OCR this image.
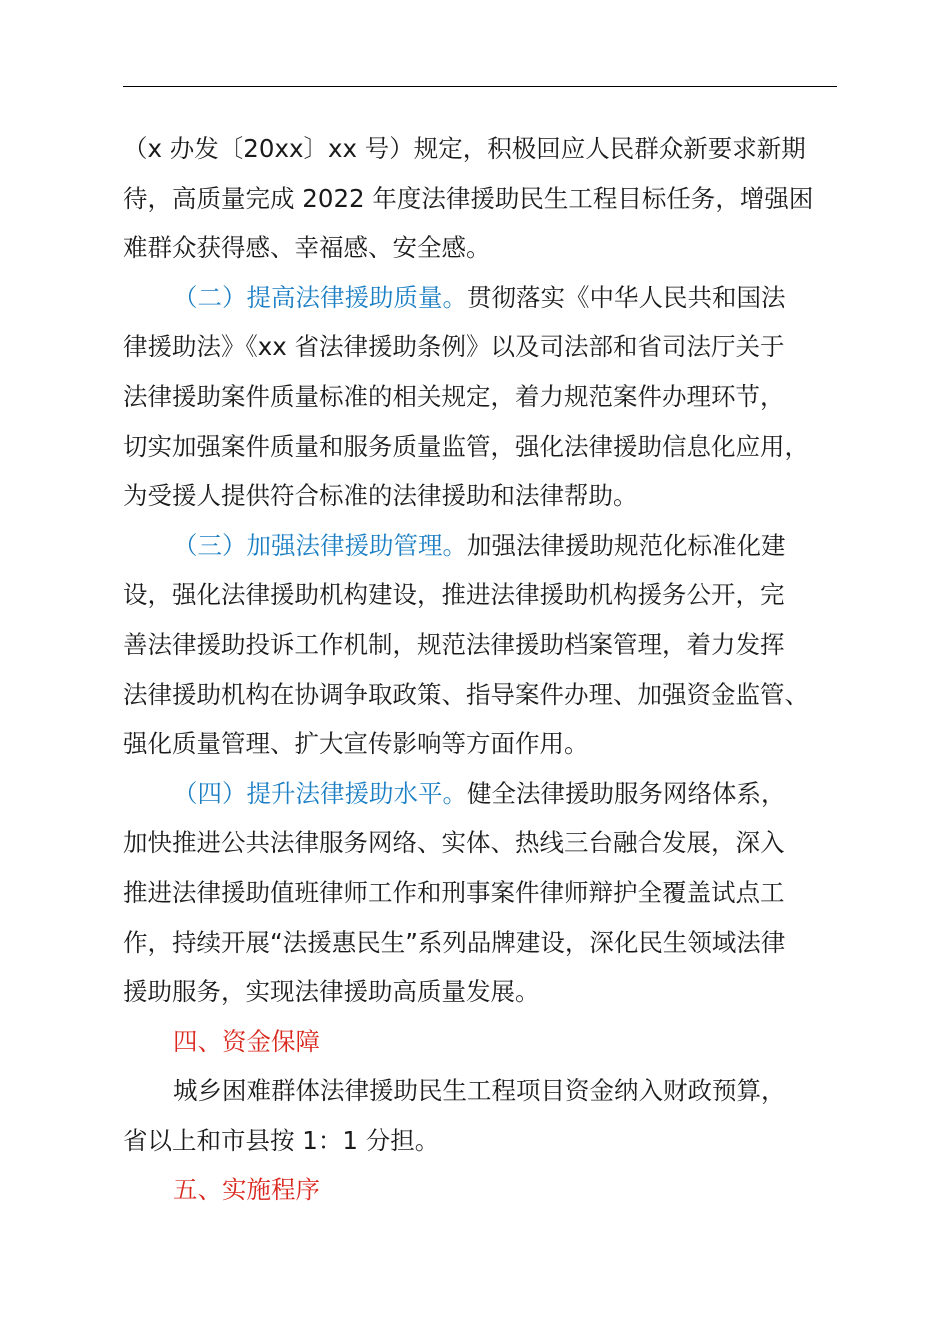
（x 办发〔20xx〕xx 号）规定，积极回应人民群众新要求新期
待，高质量完成 2022 年度法律援助民生工程目标任务，增强困
难群众获得感、幸福感、安全感。
（二）提高法律援助质量。贯彻落实《中华人民共和国法
律援助法》《xx 省法律援助条例》以及司法部和省司法厅关于
法律援助案件质量标准的相关规定，着力规范案件办理环节，
切实加强案件质量和服务质量监管，强化法律援助信息化应用，
为受援人提供符合标准的法律援助和法律帮助。
（三）加强法律援助管理。加强法律援助规范化标准化建
设，强化法律援助机构建设，推进法律援助机构援务公开，完
善法律援助投诉工作机制，规范法律援助档案管理，着力发挥
法律援助机构在协调争取政策、指导案件办理、加强资金监管、
强化质量管理、扩大宣传影响等方面作用。
（四）提升法律援助水平。健全法律援助服务网络体系，
加快推进公共法律服务网络、实体、热线三台融合发展，深入
推进法律援助值班律师工作和刑事案件律师辩护全覆盖试点工
作，持续开展“法援惠民生”系列品牌建设，深化民生领域法律
援助服务，实现法律援助高质量发展。
四、资金保障
城乡困难群体法律援助民生工程项目资金纳入财政预算，
省以上和市县按 1：1 分担。
五、实施程序
